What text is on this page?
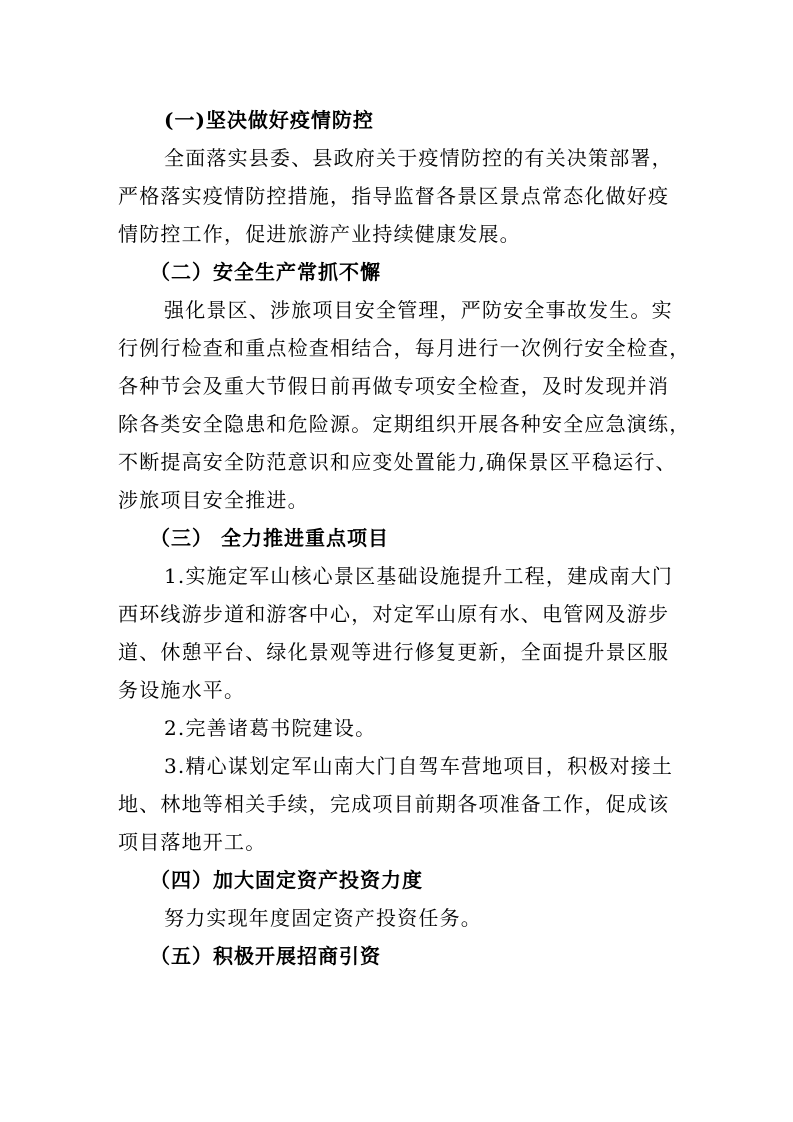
(一)坚决做好疫情防控
全面落实县委、县政府关于疫情防控的有关决策部署，
严格落实疫情防控措施，指导监督各景区景点常态化做好疫
情防控工作，促进旅游产业持续健康发展。
（二）安全生产常抓不懈
强化景区、涉旅项目安全管理，严防安全事故发生。实
行例行检查和重点检查相结合，每月进行一次例行安全检查，
各种节会及重大节假日前再做专项安全检查，及时发现并消
除各类安全隐患和危险源。定期组织开展各种安全应急演练，
不断提高安全防范意识和应变处置能力,确保景区平稳运行、
涉旅项目安全推进。
（三） 全力推进重点项目
1.实施定军山核心景区基础设施提升工程，建成南大门
西环线游步道和游客中心，对定军山原有水、电管网及游步
道、休憩平台、绿化景观等进行修复更新，全面提升景区服
务设施水平。
2.完善诸葛书院建设。
3.精心谋划定军山南大门自驾车营地项目，积极对接土
地、林地等相关手续，完成项目前期各项准备工作，促成该
项目落地开工。
（四）加大固定资产投资力度
努力实现年度固定资产投资任务。
（五）积极开展招商引资
